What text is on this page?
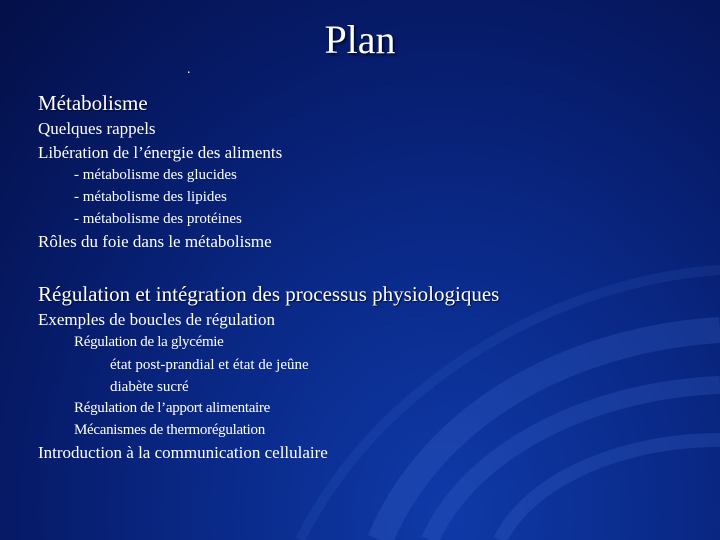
Plan
.
Métabolisme
Quelques rappels
Libération de l’énergie des aliments
- métabolisme des glucides
- métabolisme des lipides
- métabolisme des protéines
Rôles du foie dans le métabolisme
Régulation et intégration des processus physiologiques
Exemples de boucles de régulation
Régulation de la glycémie
état post-prandial et état de jeûne
diabète sucré
Régulation de l’apport alimentaire
Mécanismes de thermorégulation
Introduction à la communication cellulaire
